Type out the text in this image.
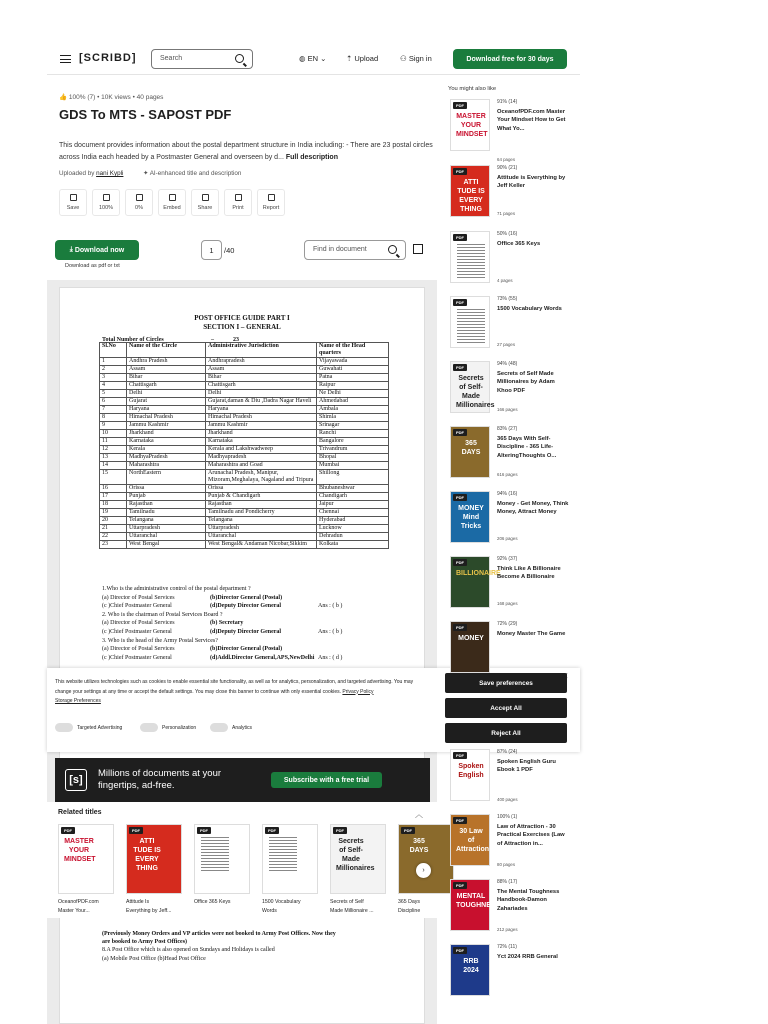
[SCRIBD]	Search	◍ EN ⌄	⇡ Upload	⚇ Sign in	Download free for 30 days
👍 100% (7) • 10K views • 40 pages
GDS To MTS - SAPOST PDF
This document provides information about the postal department structure in India including: - There are 23 postal circles across India each headed by a Postmaster General and overseen by d... Full description
Uploaded by nani Kypli	✦ AI-enhanced title and description
Save	100%	0%	Embed	Share	Print	Report
⤓ Download now
Download as pdf or txt
1	/40	Find in document
POST OFFICE GUIDE PART I
SECTION I – GENERAL
Total Number of Circles	–	23
Sl.No	Name of the Circle	Administrative Jurisdiction	Name of the Head quarters
1	Andhra Pradesh	Andhrapradesh	Vijayawada
2	Assam	Assam	Guwahati
3	Bihar	Bihar	Patna
4	Chattisgarh	Chattisgarh	Raipur
5	Delhi	Delhi	Ne Delhi
6	Gujarat	Gujarat,daman & Diu ,Dadra Nagar Haveli	Ahmedabad
7	Haryana	Haryana	Ambala
8	Himachal Pradesh	Himachal Pradesh	Shimla
9	Jammu Kashmir	Jammu Kashmir	Srinagar
10	Jharkhand	Jharkhand	Ranchi
11	Karnataka	Karnataka	Bangalore
12	Kerala	Kerala and Lakshwadweep	Trivandrum
13	MadhyaPradesh	Madhyapradesh	Bhopal
14	Maharashtra	Maharashtra and Goad	Mumbai
15	NorthEastern	Arunachal Pradesh, Manipur, Mizoram,Meghalaya, Nagaland and Tripura	Shillong
16	Orissa	Orissa	Bhubaneshwar
17	Punjab	Punjab & Chandigarh	Chandigarh
18	Rajasthan	Rajasthan	Jaipur
19	Tamilnadu	Tamilnadu and Pondicherry	Chennai
20	Telangana	Telangana	Hyderabad
21	Uttarpradesh	Uttarpradesh	Lucknow
22	Uttaranchal	Uttaranchal	Dehradun
23	West Bengal	West Bengal& Andaman Nicobar,Sikkim	Kolkata
1.Who is the administrative control of the postal department ?
(a) Director of Postal Services	(b)Director General (Postal)
(c )Chief Postmaster General	(d)Deputy Director General	Ans : ( b )
2. Who is the chairman of Postal Services Board ?
(a) Director of Postal Services	(b) Secretary
(c )Chief Postmaster General	(d)Deputy Director General	Ans : ( b )
3. Who is the head of the Army Postal Services?
(a) Director of Postal Services	(b)Director General (Postal)
(c )Chief Postmaster General	(d)Addl.Director General,APS,NewDelhi Ans : ( d )
(Previously Money Orders and VP articles were not booked to Army Post Offices. Now they
are booked to Army Post Offices)
8.A Post Office which is also opened on Sundays and Holidays is called
(a) Mobile Post Office (b)Head Post Office
This website utilizes technologies such as cookies to enable essential site functionality, as well as for analytics, personalization, and targeted advertising. You may change your settings at any time or accept the default settings. You may close this banner to continue with only essential cookies. Privacy Policy
Storage Preferences
Targeted Advertising	Personalization	Analytics
Save preferences
Accept All
Reject All
✕
[s]
Millions of documents at your
fingertips, ad-free.	Subscribe with a free trial
Related titles	︿
PDF
MASTER YOUR MINDSET
OceanofPDF.com
Master Your...
PDF
ATTI TUDE IS EVERY THING
Attitude Is
Everything by Jeff...
PDF
Office 365 Keys

PDF
1500 Vocabulary
Words
PDF
Secrets of Self-Made Millionaires
Secrets of Self
Made Millionaire ...
PDF
365 DAYS
365 Days
Discipline
›
You might also like
PDF
MASTER YOUR MINDSET
91% (14)
OceanofPDF.com Master Your Mindset How to Get What Yo...
64 pages
PDF
ATTI TUDE IS EVERY THING
90% (21)
Attitude is Everything by Jeff Keller
71 pages
PDF
50% (16)
Office 365 Keys
4 pages
PDF
73% (55)
1500 Vocabulary Words
27 pages
PDF
Secrets of Self-Made Millionaires
94% (48)
Secrets of Self Made Millionaires by Adam Khoo PDF
166 pages
PDF
365 DAYS
83% (27)
365 Days With Self-Discipline - 365 Life-AlteringThoughts O...
616 pages
PDF
MONEY Mind Tricks
94% (16)
Money - Get Money, Think Money, Attract Money
206 pages
PDF
BILLIONAIRE
92% (37)
Think Like A Billionaire Become A Billionaire
168 pages
PDF
MONEY
72% (29)
Money Master The Game
PDF
Spoken English
87% (24)
Spoken English Guru Ebook 1 PDF
400 pages
PDF
30 Law of Attraction
100% (1)
Law of Attraction - 30 Practical Exercises (Law of Attraction in...
80 pages
PDF
MENTAL TOUGHNESS
88% (17)
The Mental Toughness Handbook-Damon Zahariades
212 pages
PDF
RRB 2024
72% (11)
Yct 2024 RRB General
